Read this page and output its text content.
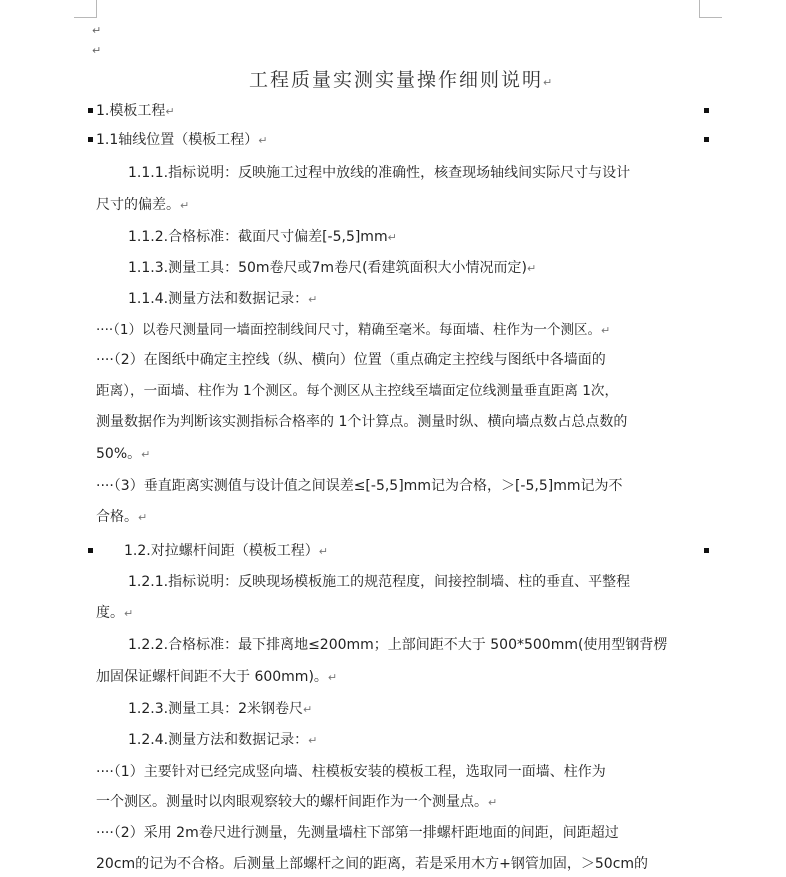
↵
↵
工程质量实测实量操作细则说明↵
1.模板工程↵
1.1轴线位置（模板工程）↵
1.1.1.指标说明：反映施工过程中放线的准确性，核查现场轴线间实际尺寸与设计
尺寸的偏差。↵
1.1.2.合格标准：截面尺寸偏差[-5,5]mm↵
1.1.3.测量工具：50m卷尺或7m卷尺(看建筑面积大小情况而定)↵
1.1.4.测量方法和数据记录：↵
····（1）以卷尺测量同一墙面控制线间尺寸，精确至毫米。每面墙、柱作为一个测区。↵
····（2）在图纸中确定主控线（纵、横向）位置（重点确定主控线与图纸中各墙面的
距离），一面墙、柱作为 1个测区。每个测区从主控线至墙面定位线测量垂直距离 1次，
测量数据作为判断该实测指标合格率的 1个计算点。测量时纵、横向墙点数占总点数的
50%。↵
····（3）垂直距离实测值与设计值之间误差≤[-5,5]mm记为合格，＞[-5,5]mm记为不
合格。↵
1.2.对拉螺杆间距（模板工程）↵
1.2.1.指标说明：反映现场模板施工的规范程度，间接控制墙、柱的垂直、平整程
度。↵
1.2.2.合格标准：最下排离地≤200mm；上部间距不大于 500*500mm(使用型钢背楞
加固保证螺杆间距不大于 600mm)。↵
1.2.3.测量工具：2米钢卷尺↵
1.2.4.测量方法和数据记录：↵
····（1）主要针对已经完成竖向墙、柱模板安装的模板工程，选取同一面墙、柱作为
一个测区。测量时以肉眼观察较大的螺杆间距作为一个测量点。↵
····（2）采用 2m卷尺进行测量，先测量墙柱下部第一排螺杆距地面的间距，间距超过
20cm的记为不合格。后测量上部螺杆之间的距离，若是采用木方+钢管加固，＞50cm的
